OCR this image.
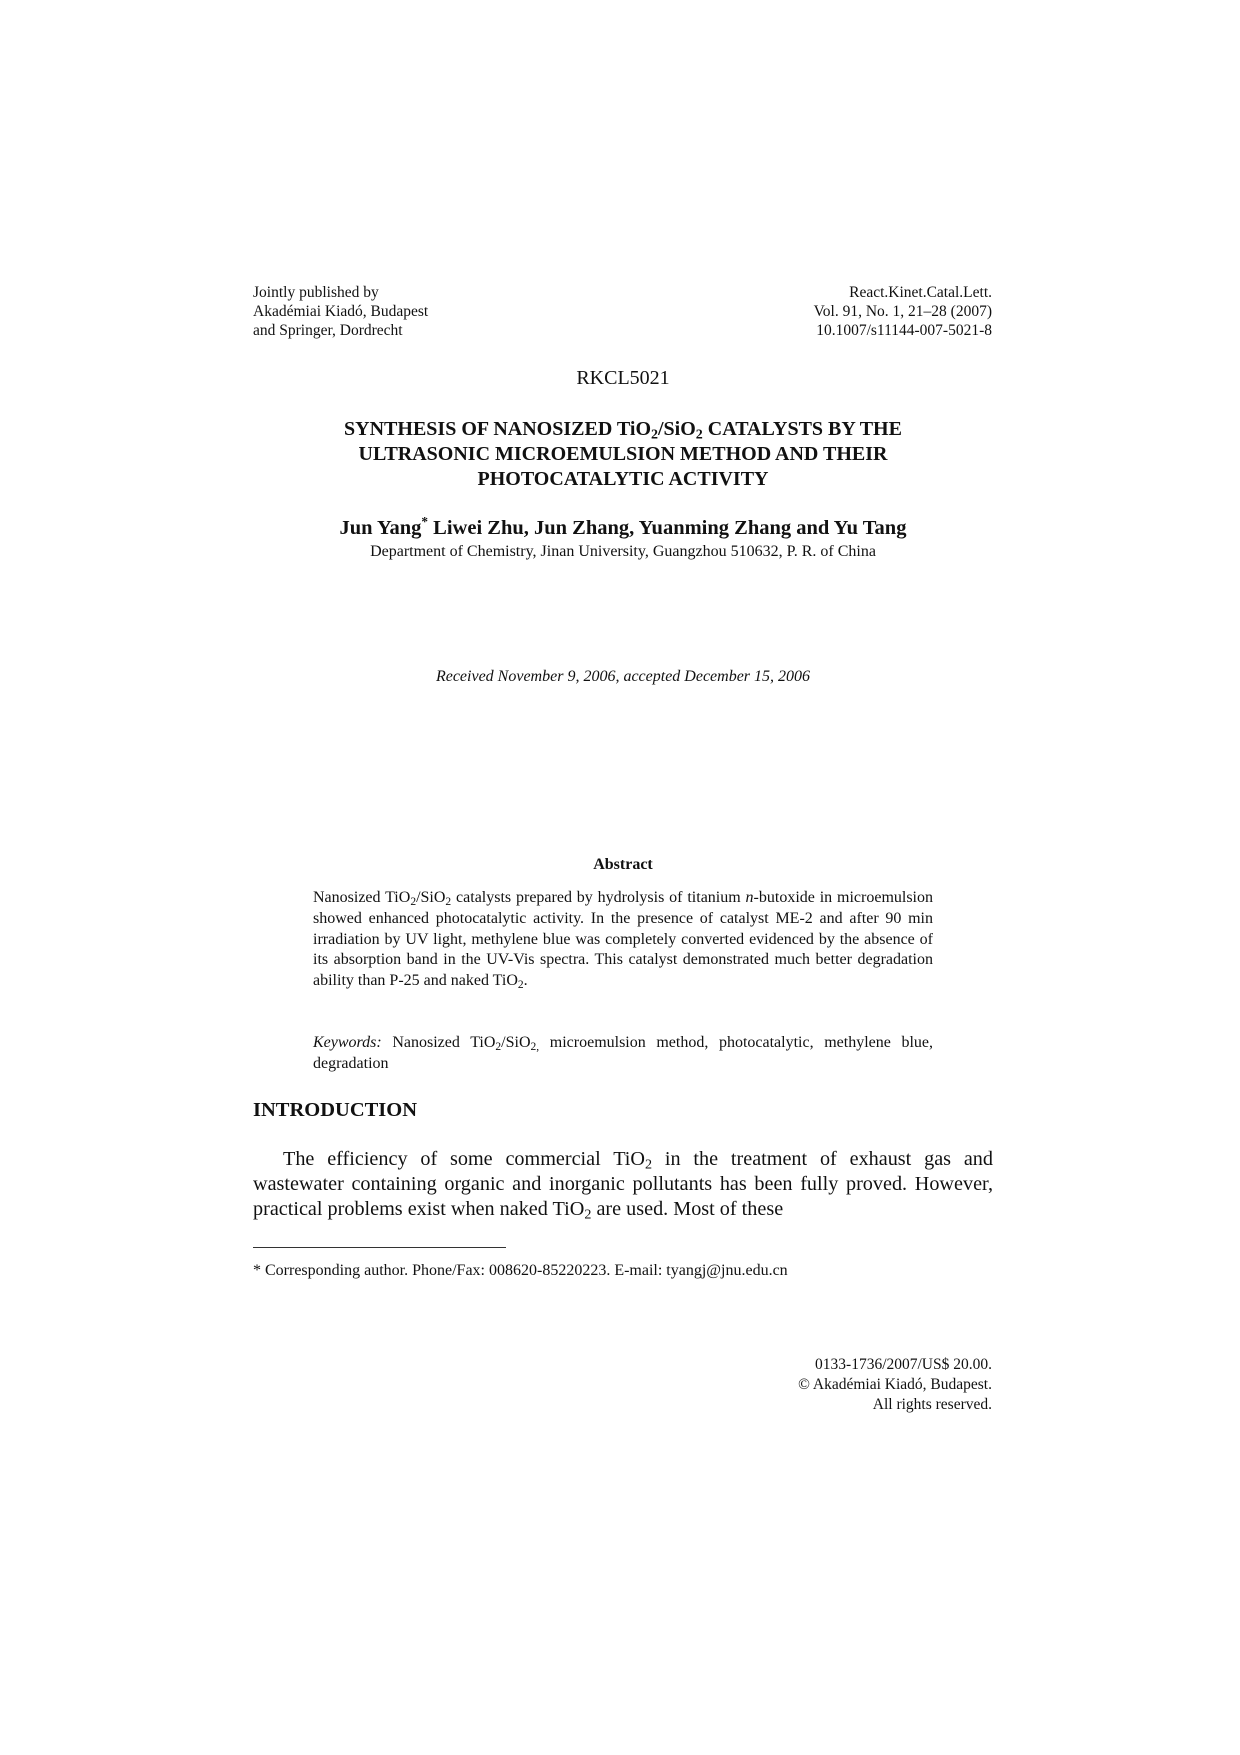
Jointly published by
Akadémiai Kiadó, Budapest
and Springer, Dordrecht
React.Kinet.Catal.Lett.
Vol. 91, No. 1, 21–28 (2007)
10.1007/s11144-007-5021-8
RKCL5021
SYNTHESIS OF NANOSIZED TiO$_2$/SiO$_2$ CATALYSTS BY THE
ULTRASONIC MICROEMULSION METHOD AND THEIR
PHOTOCATALYTIC ACTIVITY
Jun Yang* Liwei Zhu, Jun Zhang, Yuanming Zhang and Yu Tang
Department of Chemistry, Jinan University, Guangzhou 510632, P. R. of China
Received November 9, 2006, accepted December 15, 2006
Abstract
Nanosized TiO$_2$/SiO$_2$ catalysts prepared by hydrolysis of titanium n-butoxide in microemulsion showed enhanced photocatalytic activity. In the presence of catalyst ME-2 and after 90 min irradiation by UV light, methylene blue was completely converted evidenced by the absence of its absorption band in the UV-Vis spectra. This catalyst demonstrated much better degradation ability than P-25 and naked TiO$_2$.
Keywords: Nanosized TiO$_2$/SiO$_{2,}$ microemulsion method, photocatalytic, methylene blue, degradation
INTRODUCTION
The efficiency of some commercial TiO$_2$ in the treatment of exhaust gas and wastewater containing organic and inorganic pollutants has been fully proved. However, practical problems exist when naked TiO$_2$ are used. Most of these
* Corresponding author. Phone/Fax: 008620-85220223. E-mail: tyangj@jnu.edu.cn
0133-1736/2007/US$ 20.00.
© Akadémiai Kiadó, Budapest.
All rights reserved.
